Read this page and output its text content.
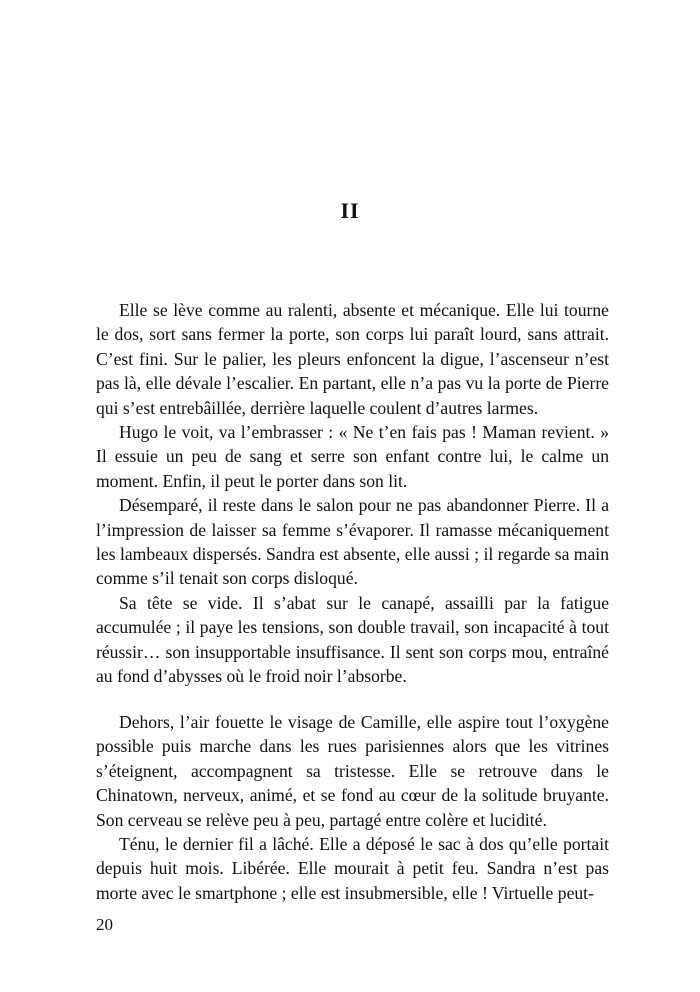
II

Elle se lève comme au ralenti, absente et mécanique. Elle lui tourne le dos, sort sans fermer la porte, son corps lui paraît lourd, sans attrait. C’est fini. Sur le palier, les pleurs enfoncent la digue, l’ascenseur n’est pas là, elle dévale l’escalier. En partant, elle n’a pas vu la porte de Pierre qui s’est entrebâillée, derrière laquelle coulent d’autres larmes.

Hugo le voit, va l’embrasser : « Ne t’en fais pas ! Maman revient. » Il essuie un peu de sang et serre son enfant contre lui, le calme un moment. Enfin, il peut le porter dans son lit.

Désemparé, il reste dans le salon pour ne pas abandonner Pierre. Il a l’impression de laisser sa femme s’évaporer. Il ramasse mécaniquement les lambeaux dispersés. Sandra est absente, elle aussi ; il regarde sa main comme s’il tenait son corps disloqué.

Sa tête se vide. Il s’abat sur le canapé, assailli par la fatigue accumulée ; il paye les tensions, son double travail, son incapacité à tout réussir… son insupportable insuffisance. Il sent son corps mou, entraîné au fond d’abysses où le froid noir l’absorbe.

Dehors, l’air fouette le visage de Camille, elle aspire tout l’oxygène possible puis marche dans les rues parisiennes alors que les vitrines s’éteignent, accompagnent sa tristesse. Elle se retrouve dans le Chinatown, nerveux, animé, et se fond au cœur de la solitude bruyante. Son cerveau se relève peu à peu, partagé entre colère et lucidité.

Ténu, le dernier fil a lâché. Elle a déposé le sac à dos qu’elle portait depuis huit mois. Libérée. Elle mourait à petit feu. Sandra n’est pas morte avec le smartphone ; elle est insubmersible, elle ! Virtuelle peut-

20
